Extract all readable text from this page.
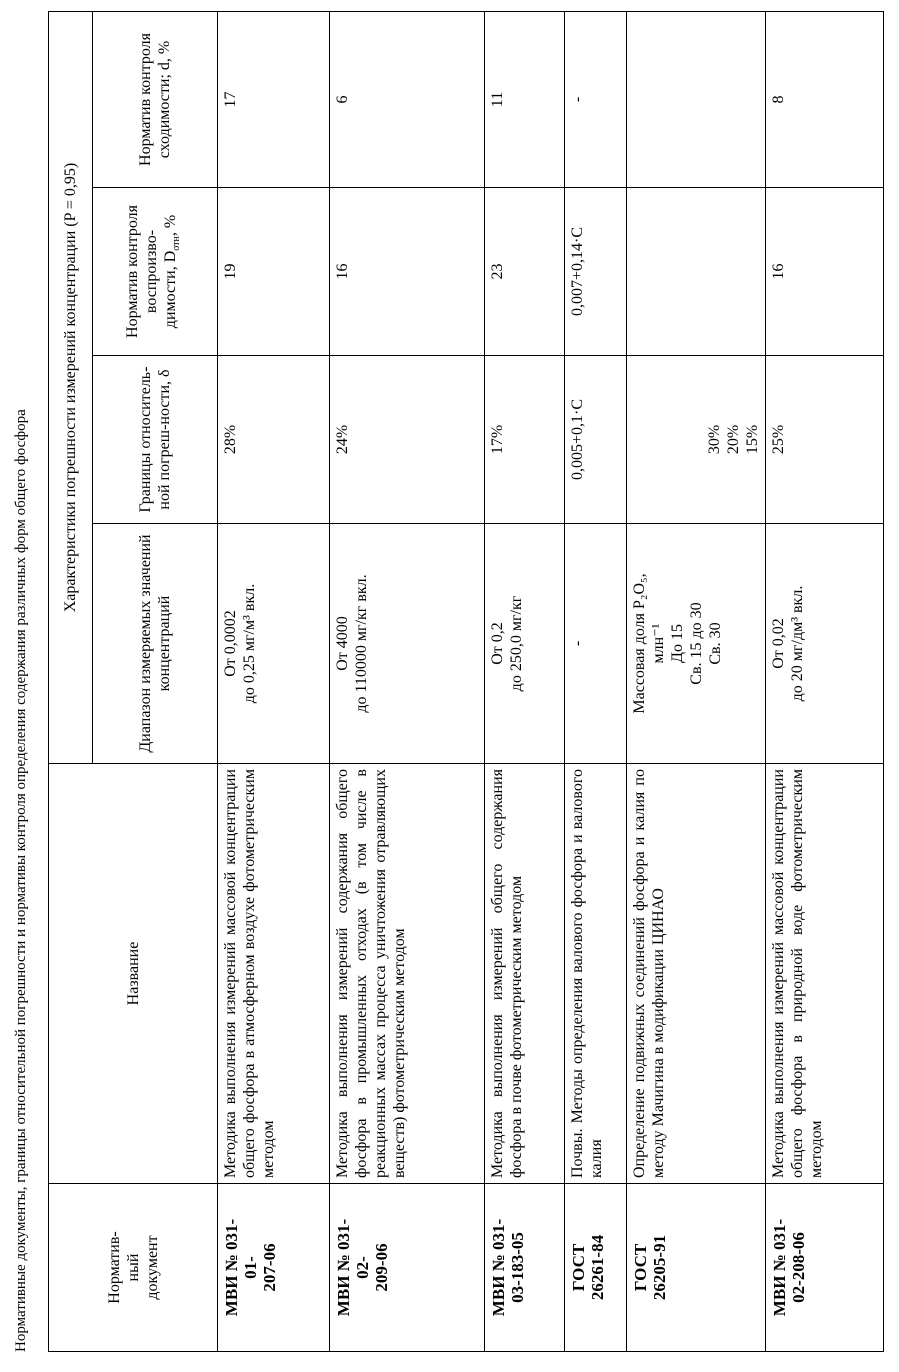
Нормативные документы, границы относительной погрешности и нормативы контроля определения содержания различных форм общего фосфора	Норматив- ный документ	Название	Характеристики погрешности измерений концентрации (P = 0,95)			
		Диапазон измеряемых значений концентраций	Границы относитель-ной погреш-ности, δ	Норматив контроля воспроизво- димости, $D_{отн}$, %	Норматив контроля сходимости; d, %

МВИ № 031- 01- 207-06	Методика выполнения измерений массовой концентрации общего фосфора в атмосферном воздухе фотометрическим методом	От 0,0002 до 0,25 мг/м³ вкл.	28%	19	17

МВИ № 031- 02- 209-06	Методика выполнения измерений содержания общего фосфора в промышленных отходах (в том числе в реакционных массах процесса уничтожения отравляющих веществ) фотометрическим методом	От 4000 до 110000 мг/кг вкл.	24%	16	6

МВИ № 031- 03-183-05	Методика выполнения измерений общего содержания фосфора в почве фотометрическим методом	От 0,2 до 250,0 мг/кг	17%	23	11

ГОСТ 26261-84	Почвы. Методы определения валового фосфора и валового калия	-	0,005+0,1·С	0,007+0,14·С	-

ГОСТ 26205-91	Определение подвижных соединений фосфора и калия по методу Мачигина в модификации ЦИНАО	Массовая доля P₂O₅, млн⁻¹ До 15 Св. 15 до 30 Св. 30	30% 20% 15%		

МВИ № 031- 02-208-06	Методика выполнения измерений массовой концентрации общего фосфора в природной воде фотометрическим методом	От 0,02 до 20 мг/дм³ вкл.	25%	16	8
